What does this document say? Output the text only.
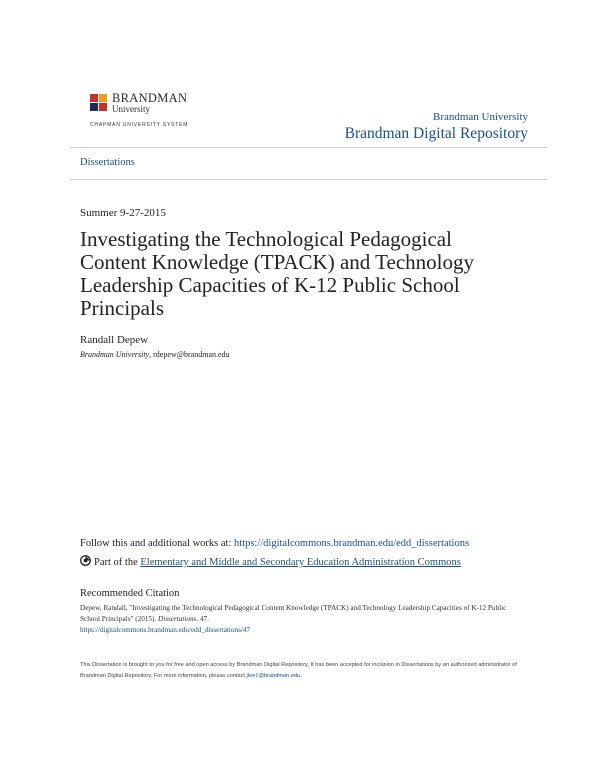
BRANDMAN
University
CHAPMAN UNIVERSITY SYSTEM
Brandman University
Brandman Digital Repository
Dissertations
Summer 9-27-2015
Investigating the Technological Pedagogical Content Knowledge (TPACK) and Technology Leadership Capacities of K-12 Public School Principals
Randall Depew
Brandman University, rdepew@brandman.edu
Follow this and additional works at: https://digitalcommons.brandman.edu/edd_dissertations
Part of the Elementary and Middle and Secondary Education Administration Commons
Recommended Citation
Depew, Randall, "Investigating the Technological Pedagogical Content Knowledge (TPACK) and Technology Leadership Capacities of K-12 Public School Principals" (2015). Dissertations. 47.
https://digitalcommons.brandman.edu/edd_dissertations/47
This Dissertation is brought to you for free and open access by Brandman Digital Repository. It has been accepted for inclusion in Dissertations by an authorized administrator of Brandman Digital Repository. For more information, please contact jlee1@brandman.edu.
